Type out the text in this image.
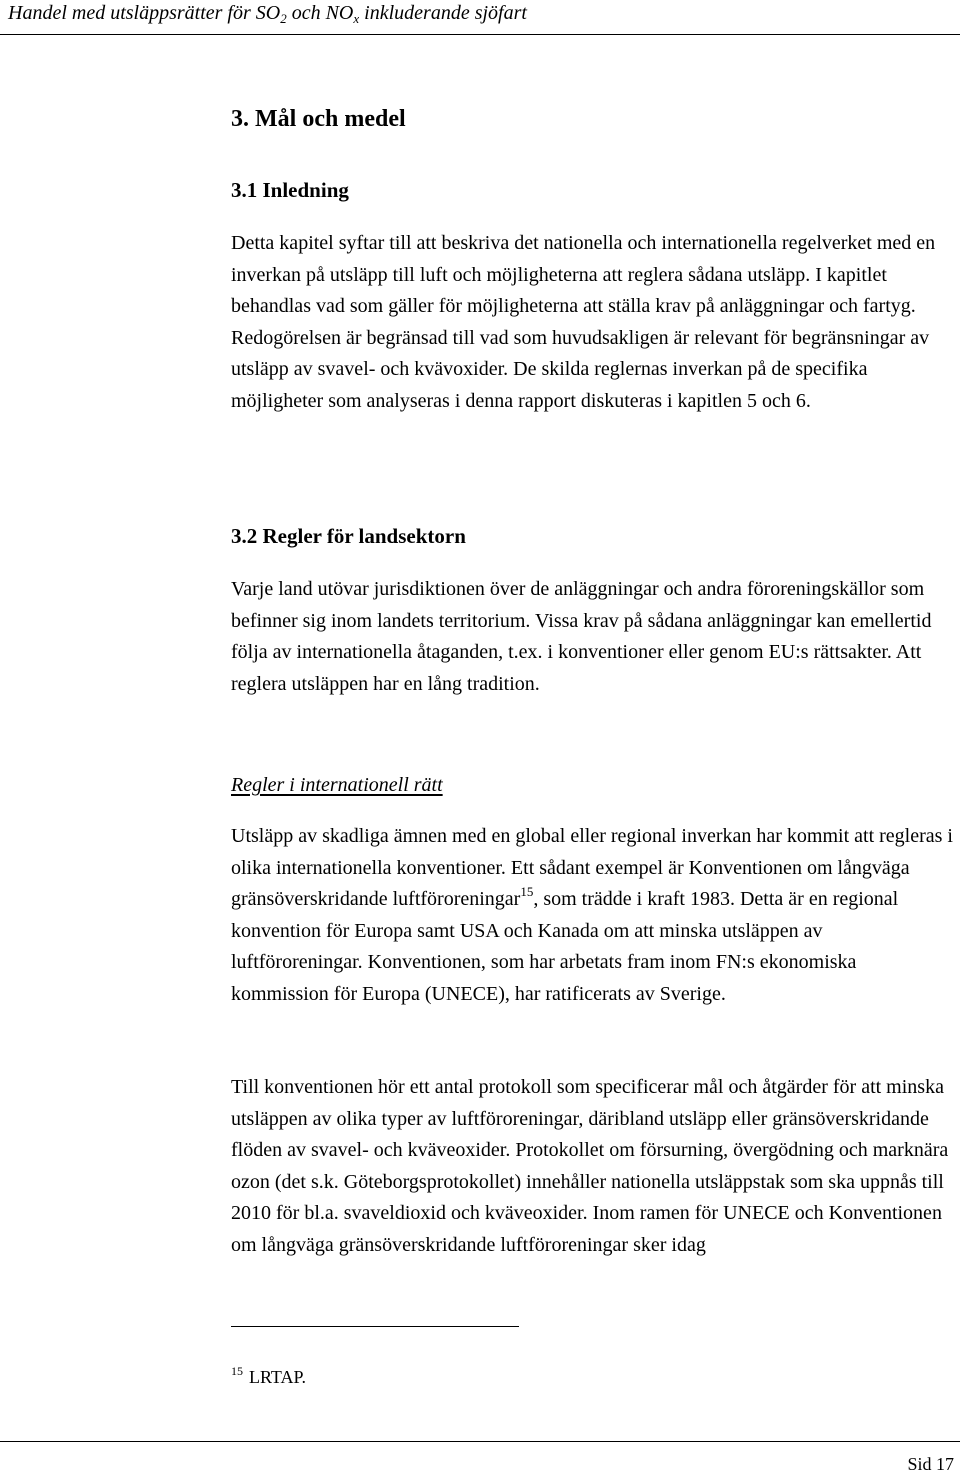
Handel med utsläppsrätter för $SO_2$ och $NO_x$ inkluderande sjöfart
3. Mål och medel
3.1 Inledning
Detta kapitel syftar till att beskriva det nationella och internationella regelverket med en inverkan på utsläpp till luft och möjligheterna att reglera sådana utsläpp. I kapitlet behandlas vad som gäller för möjligheterna att ställa krav på anläggningar och fartyg. Redogörelsen är begränsad till vad som huvudsakligen är relevant för begränsningar av utsläpp av svavel- och kvävoxider. De skilda reglernas inverkan på de specifika möjligheter som analyseras i denna rapport diskuteras i kapitlen 5 och 6.
3.2 Regler för landsektorn
Varje land utövar jurisdiktionen över de anläggningar och andra föroreningskällor som befinner sig inom landets territorium. Vissa krav på sådana anläggningar kan emellertid följa av internationella åtaganden, t.ex. i konventioner eller genom EU:s rättsakter. Att reglera utsläppen har en lång tradition.
Regler i internationell rätt
Utsläpp av skadliga ämnen med en global eller regional inverkan har kommit att regleras i olika internationella konventioner. Ett sådant exempel är Konventionen om långväga gränsöverskridande luftföroreningar$^{15}$, som trädde i kraft 1983. Detta är en regional konvention för Europa samt USA och Kanada om att minska utsläppen av luftföroreningar. Konventionen, som har arbetats fram inom FN:s ekonomiska kommission för Europa (UNECE), har ratificerats av Sverige.
Till konventionen hör ett antal protokoll som specificerar mål och åtgärder för att minska utsläppen av olika typer av luftföroreningar, däribland utsläpp eller gränsöverskridande flöden av svavel- och kväveoxider. Protokollet om försurning, övergödning och marknära ozon (det s.k. Göteborgsprotokollet) innehåller nationella utsläppstak som ska uppnås till 2010 för bl.a. svaveldioxid och kväveoxider. Inom ramen för UNECE och Konventionen om långväga gränsöverskridande luftföroreningar sker idag
$^{15}$ LRTAP.
Sid 17
